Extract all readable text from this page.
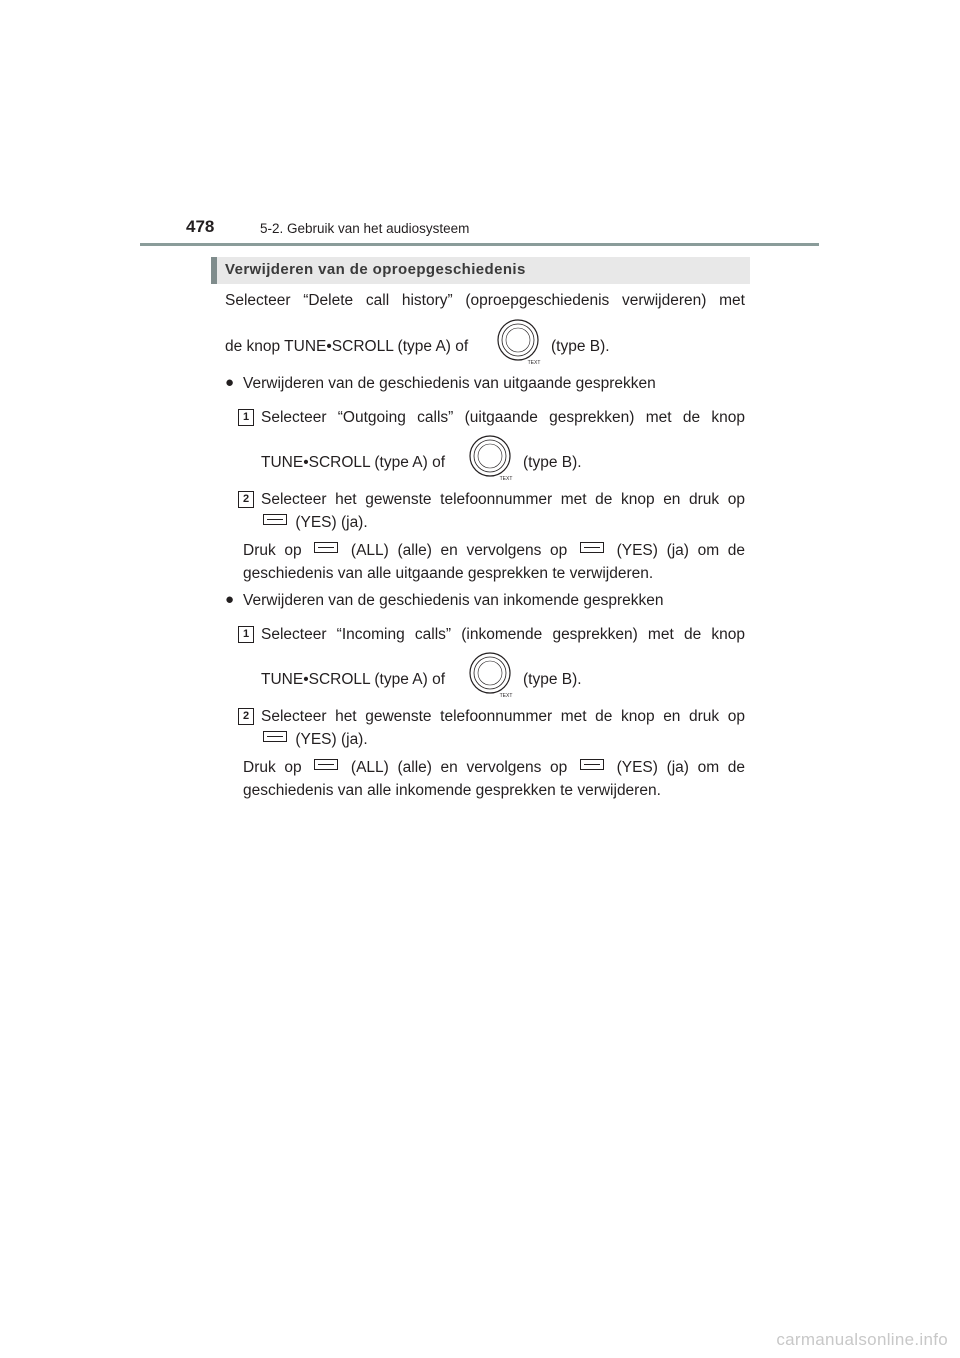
478	5-2. Gebruik van het audiosysteem
Verwijderen van de oproepgeschiedenis
Selecteer “Delete call history” (oproepgeschiedenis verwijderen) met
de knop TUNE•SCROLL (type A) of
TEXT
(type B).
● Verwijderen van de geschiedenis van uitgaande gesprekken
1 Selecteer “Outgoing calls” (uitgaande gesprekken) met de knop
TUNE•SCROLL (type A) of
TEXT
(type B).
2 Selecteer het gewenste telefoonnummer met de knop en druk op
(YES) (ja).
Druk op	(ALL) (alle) en vervolgens op	(YES) (ja) om de
geschiedenis van alle uitgaande gesprekken te verwijderen.
● Verwijderen van de geschiedenis van inkomende gesprekken
1 Selecteer “Incoming calls” (inkomende gesprekken) met de knop
TUNE•SCROLL (type A) of
TEXT
(type B).
2 Selecteer het gewenste telefoonnummer met de knop en druk op
(YES) (ja).
Druk op	(ALL) (alle) en vervolgens op	(YES) (ja) om de
geschiedenis van alle inkomende gesprekken te verwijderen.
carmanualsonline.info
